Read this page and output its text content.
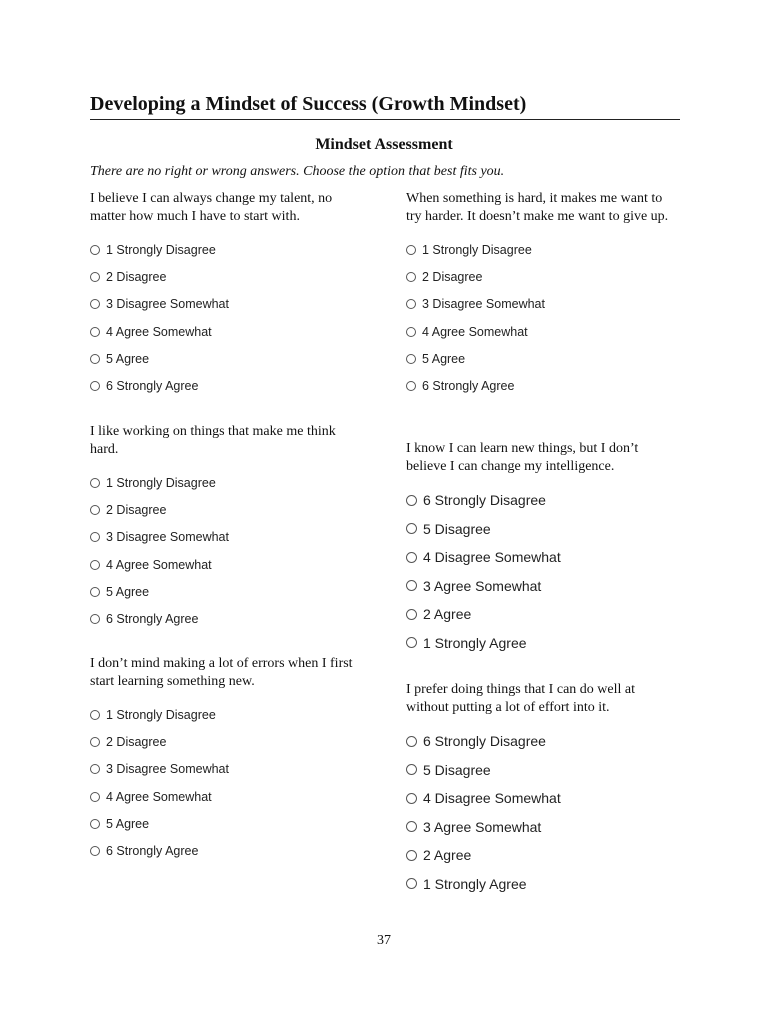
Developing a Mindset of Success (Growth Mindset)
Mindset Assessment
There are no right or wrong answers. Choose the option that best fits you.
I believe I can always change my talent, no matter how much I have to start with.
1 Strongly Disagree
2 Disagree
3 Disagree Somewhat
4 Agree Somewhat
5 Agree
6 Strongly Agree
When something is hard, it makes me want to try harder. It doesn’t make me want to give up.
1 Strongly Disagree
2 Disagree
3 Disagree Somewhat
4 Agree Somewhat
5 Agree
6 Strongly Agree
I like working on things that make me think hard.
1 Strongly Disagree
2 Disagree
3 Disagree Somewhat
4 Agree Somewhat
5 Agree
6 Strongly Agree
I know I can learn new things, but I don’t believe I can change my intelligence.
6 Strongly Disagree
5 Disagree
4 Disagree Somewhat
3 Agree Somewhat
2 Agree
1 Strongly Agree
I don’t mind making a lot of errors when I first start learning something new.
1 Strongly Disagree
2 Disagree
3 Disagree Somewhat
4 Agree Somewhat
5 Agree
6 Strongly Agree
I prefer doing things that I can do well at without putting a lot of effort into it.
6 Strongly Disagree
5 Disagree
4 Disagree Somewhat
3 Agree Somewhat
2 Agree
1 Strongly Agree
37
